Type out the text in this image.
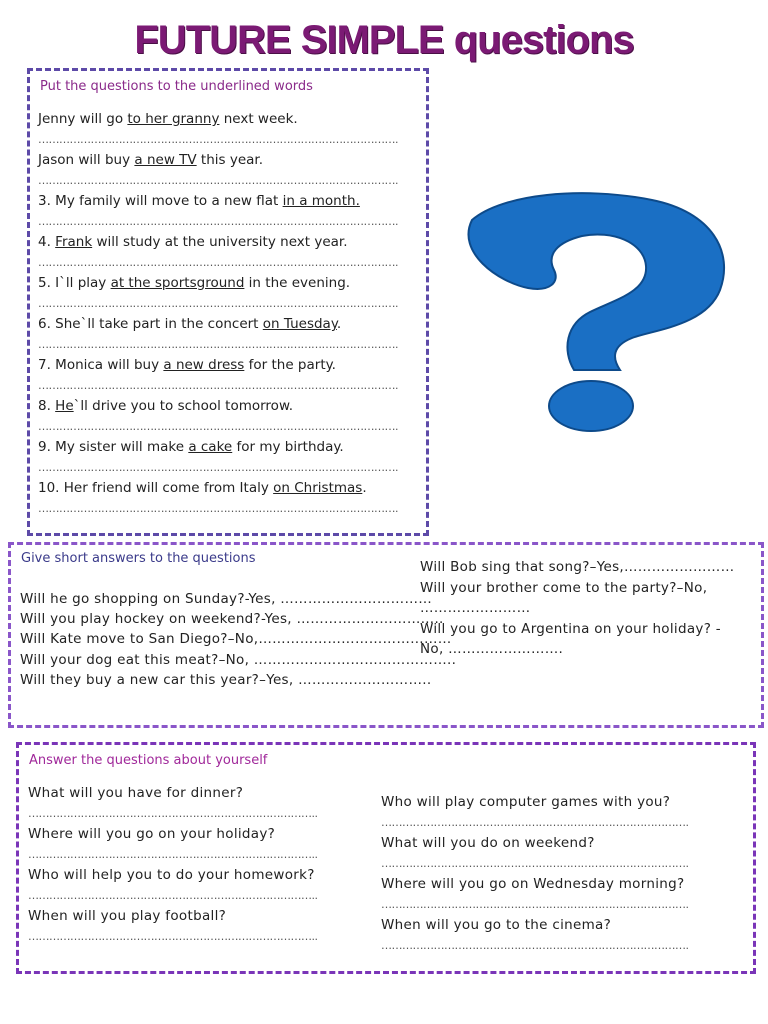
FUTURE SIMPLE questions
Put the questions to the underlined words
Jenny will go to her granny next week.
………………………………………………………………………………………….
Jason will buy a new TV this year.
………………………………………………………………………………………….
3. My family will move to a new flat in a month.
………………………………………………………………………………………….
4. Frank will study at the university next year.
………………………………………………………………………………………….
5. I`ll play at the sportsground in the evening.
………………………………………………………………………………………….
6. She`ll take part in the concert on Tuesday.
………………………………………………………………………………………….
7. Monica will buy a new dress for the party.
………………………………………………………………………………………….
8. He`ll drive you to school tomorrow.
………………………………………………………………………………………….
9. My sister will make a cake for my birthday.
………………………………………………………………………………………….
10. Her friend will come from Italy on Christmas.
………………………………………………………………………………………….
Give short answers to the questions
Will he go shopping on Sunday?-Yes, ……………………………
Will you play hockey on weekend?-Yes, …………………………..
Will Kate move to San Diego?–No,……………………………………
Will your dog eat this meat?–No, ……………………………………..
Will they buy a new car this year?–Yes, ………………………..
Will Bob sing that song?–Yes,……………………
Will your brother come to the party?–No,
……………………
Will you go to Argentina on your holiday? -
No, …………………….
Answer the questions about yourself
What will you have for dinner?
………………………………………………………………………..
Where will you go on your holiday?
………………………………………………………………………..
Who will help you to do your homework?
………………………………………………………………………..
When will you play football?
………………………………………………………………………..
Who will play computer games with you?
…………………………………………………………………………….
What will you do on weekend?
…………………………………………………………………………….
Where will you go on Wednesday morning?
…………………………………………………………………………….
When will you go to the cinema?
…………………………………………………………………………….
